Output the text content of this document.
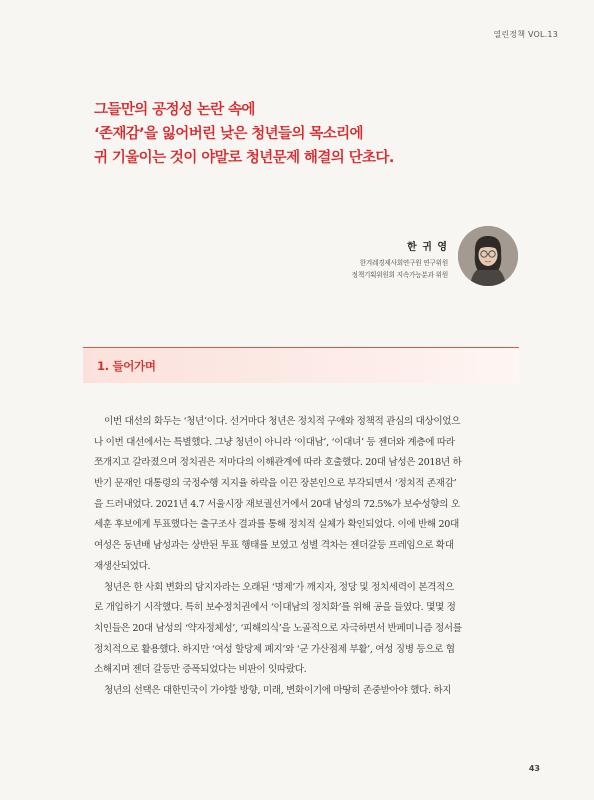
열린정책 VOL.13
그들만의 공정성 논란 속에
‘존재감’을 잃어버린 낮은 청년들의 목소리에
귀 기울이는 것이 야말로 청년문제 해결의 단초다.
한 귀 영
한겨레경제사회연구원 연구위원
정책기획위원회 지속가능분과 위원
1. 들어가며
이번 대선의 화두는 ‘청년’이다. 선거마다 청년은 정치적 구애와 정책적 관심의 대상이었으
나 이번 대선에서는 특별했다. 그냥 청년이 아니라 ‘이대남’, ‘이대녀’ 등 젠더와 계층에 따라
쪼개지고 갈라졌으며 정치권은 저마다의 이해관계에 따라 호출했다. 20대 남성은 2018년 하
반기 문재인 대통령의 국정수행 지지율 하락을 이끈 장본인으로 부각되면서 ‘정치적 존재감’
을 드러내었다. 2021년 4.7 서울시장 재보궐선거에서 20대 남성의 72.5%가 보수성향의 오
세훈 후보에게 투표했다는 출구조사 결과를 통해 정치적 실체가 확인되었다. 이에 반해 20대
여성은 동년배 남성과는 상반된 투표 행태를 보였고 성별 격차는 젠더갈등 프레임으로 확대
재생산되었다.
청년은 한 사회 변화의 담지자라는 오래된 ‘명제’가 깨지자, 정당 및 정치세력이 본격적으
로 개입하기 시작했다. 특히 보수정치권에서 ‘이대남의 정치화’를 위해 공을 들였다. 몇몇 정
치인들은 20대 남성의 ‘약자정체성’, ‘피해의식’을 노골적으로 자극하면서 반페미니즘 정서를
정치적으로 활용했다. 하지만 ‘여성 할당제 폐지’와 ‘군 가산점제 부활’, 여성 징병 등으로 협
소해지며 젠더 갈등만 증폭되었다는 비판이 잇따랐다.
청년의 선택은 대한민국이 가야할 방향, 미래, 변화이기에 마땅히 존중받아야 했다. 하지
43
